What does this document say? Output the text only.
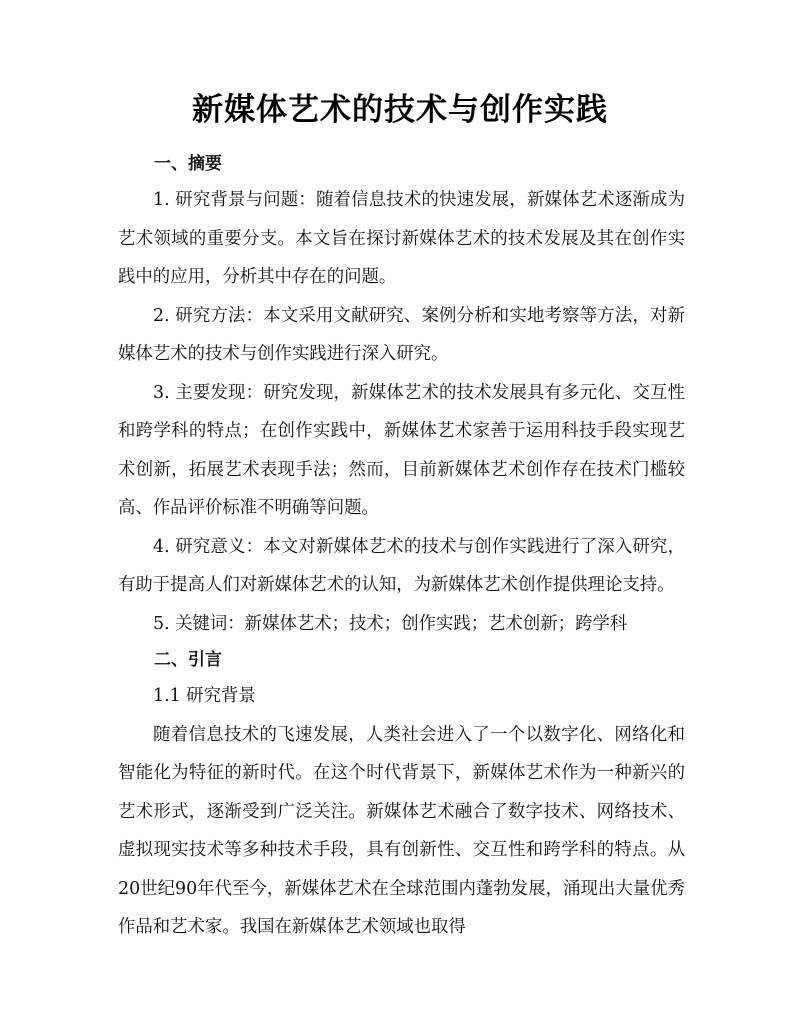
新媒体艺术的技术与创作实践
一、摘要

1. 研究背景与问题：随着信息技术的快速发展，新媒体艺术逐渐成为艺术领域的重要分支。本文旨在探讨新媒体艺术的技术发展及其在创作实践中的应用，分析其中存在的问题。

2. 研究方法：本文采用文献研究、案例分析和实地考察等方法，对新媒体艺术的技术与创作实践进行深入研究。

3. 主要发现：研究发现，新媒体艺术的技术发展具有多元化、交互性和跨学科的特点；在创作实践中，新媒体艺术家善于运用科技手段实现艺术创新，拓展艺术表现手法；然而，目前新媒体艺术创作存在技术门槛较高、作品评价标准不明确等问题。

4. 研究意义：本文对新媒体艺术的技术与创作实践进行了深入研究，有助于提高人们对新媒体艺术的认知，为新媒体艺术创作提供理论支持。

5. 关键词：新媒体艺术；技术；创作实践；艺术创新；跨学科

二、引言

1.1 研究背景

随着信息技术的飞速发展，人类社会进入了一个以数字化、网络化和智能化为特征的新时代。在这个时代背景下，新媒体艺术作为一种新兴的艺术形式，逐渐受到广泛关注。新媒体艺术融合了数字技术、网络技术、虚拟现实技术等多种技术手段，具有创新性、交互性和跨学科的特点。从20世纪90年代至今，新媒体艺术在全球范围内蓬勃发展，涌现出大量优秀作品和艺术家。我国在新媒体艺术领域也取得
